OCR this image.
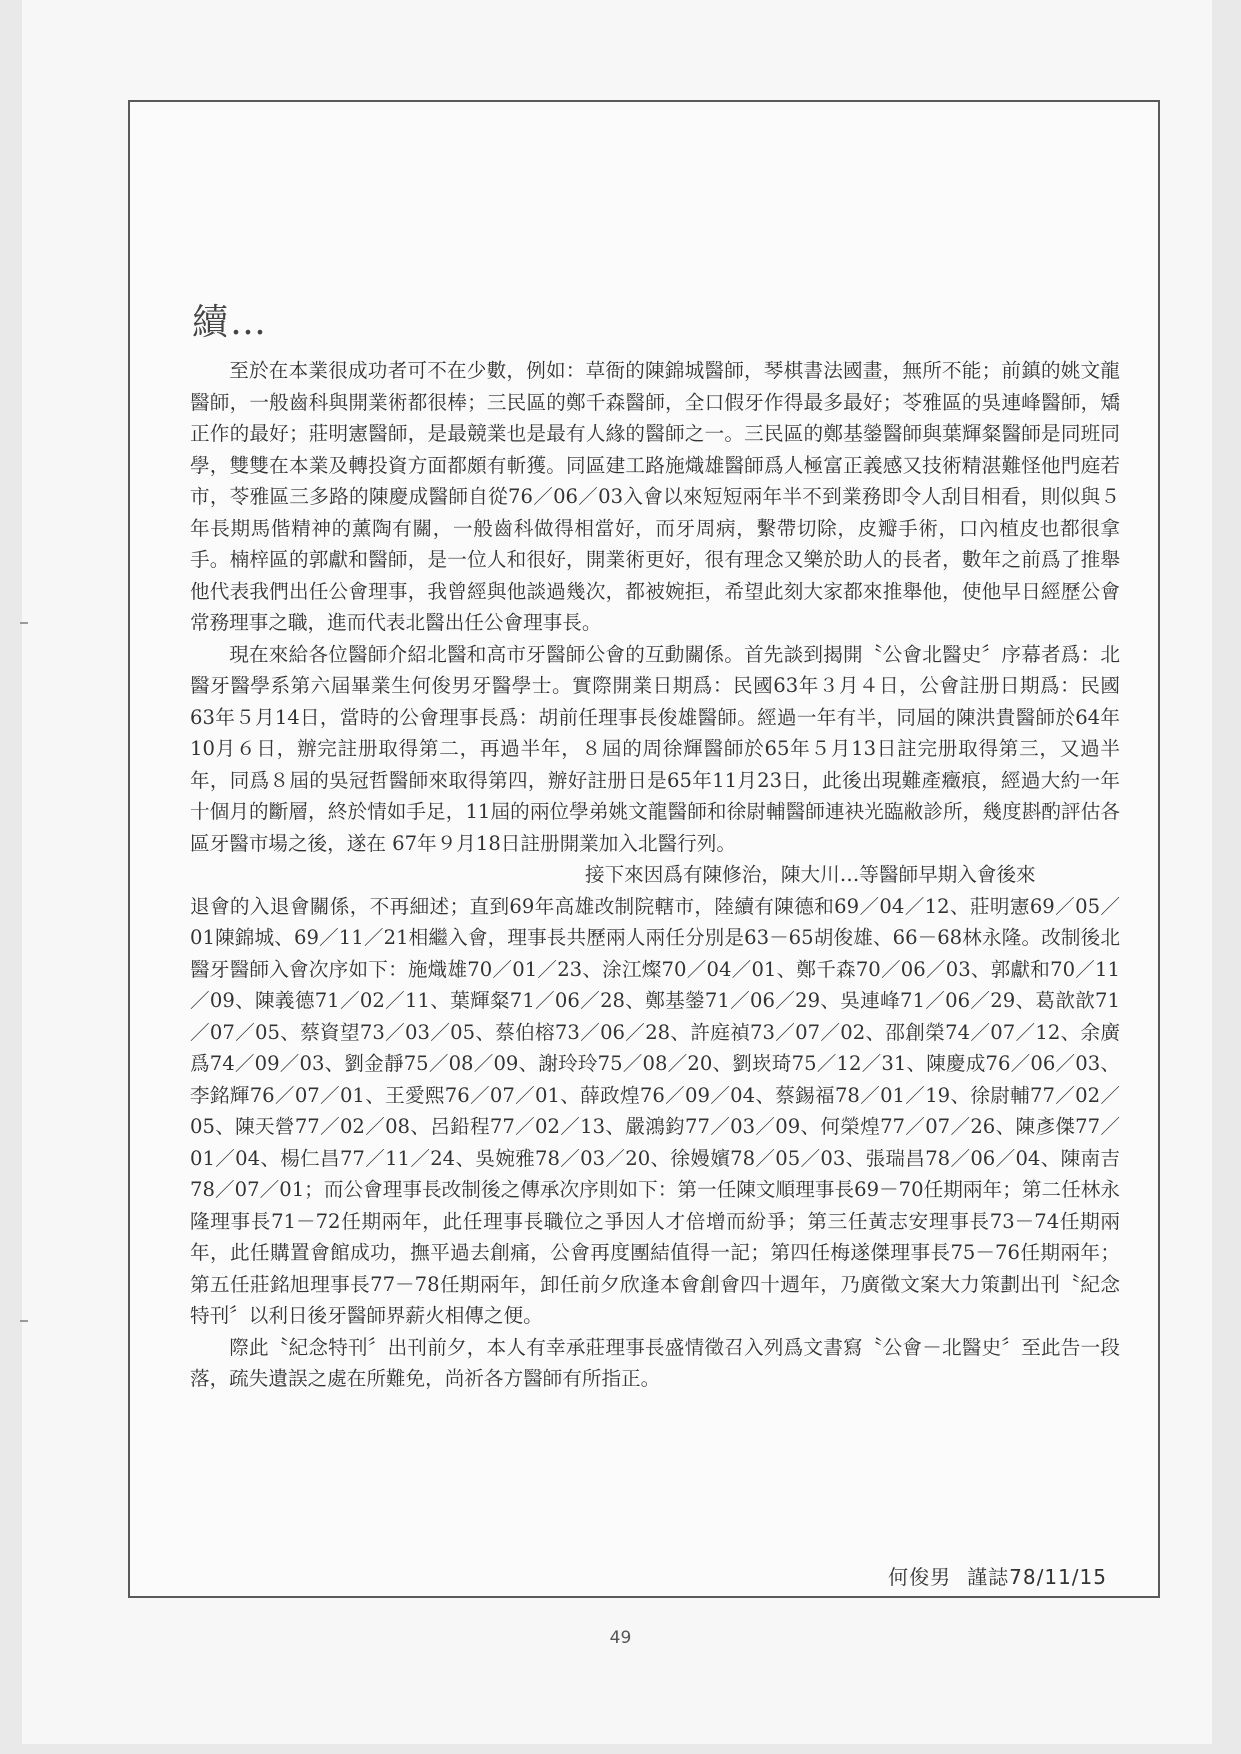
續…

至於在本業很成功者可不在少數，例如：草衙的陳錦城醫師，琴棋書法國畫，無所不能；前鎮的姚文龍醫師，一般齒科與開業術都很棒；三民區的鄭千森醫師，全口假牙作得最多最好；苓雅區的吳連峰醫師，矯正作的最好；莊明憲醫師，是最競業也是最有人緣的醫師之一。三民區的鄭基鎣醫師與葉輝粲醫師是同班同學，雙雙在本業及轉投資方面都頗有斬獲。同區建工路施熾雄醫師爲人極富正義感又技術精湛難怪他門庭若市，苓雅區三多路的陳慶成醫師自從76／06／03入會以來短短兩年半不到業務即令人刮目相看，則似與５年長期馬偕精神的薰陶有關，一般齒科做得相當好，而牙周病，繫帶切除，皮瓣手術，口內植皮也都很拿手。楠梓區的郭獻和醫師，是一位人和很好，開業術更好，很有理念又樂於助人的長者，數年之前爲了推舉他代表我們出任公會理事，我曾經與他談過幾次，都被婉拒，希望此刻大家都來推舉他，使他早日經歷公會常務理事之職，進而代表北醫出任公會理事長。

現在來給各位醫師介紹北醫和高市牙醫師公會的互動關係。首先談到揭開〝公會北醫史〞序幕者爲：北醫牙醫學系第六屆畢業生何俊男牙醫學士。實際開業日期爲：民國63年３月４日，公會註册日期爲：民國63年５月14日，當時的公會理事長爲：胡前任理事長俊雄醫師。經過一年有半，同屆的陳洪貴醫師於64年10月６日，辦完註册取得第二，再過半年，８屆的周徐輝醫師於65年５月13日註完册取得第三，又過半年，同爲８屆的吳冠哲醫師來取得第四，辦好註册日是65年11月23日，此後出現難產癥痕，經過大約一年十個月的斷層，終於情如手足，11屆的兩位學弟姚文龍醫師和徐尉輔醫師連袂光臨敝診所，幾度斟酌評估各區牙醫市場之後，遂在 67年９月18日註册開業加入北醫行列。

接下來因爲有陳修治，陳大川…等醫師早期入會後來

退會的入退會關係，不再細述；直到69年高雄改制院轄市，陸續有陳德和69／04／12、莊明憲69／05／01陳錦城、69／11／21相繼入會，理事長共歷兩人兩任分別是63－65胡俊雄、66－68林永隆。改制後北醫牙醫師入會次序如下：施熾雄70／01／23、涂江燦70／04／01、鄭千森70／06／03、郭獻和70／11／09、陳義德71／02／11、葉輝粲71／06／28、鄭基鎣71／06／29、吳連峰71／06／29、葛歆歆71／07／05、蔡資望73／03／05、蔡伯榕73／06／28、許庭禎73／07／02、邵創榮74／07／12、余廣爲74／09／03、劉金靜75／08／09、謝玲玲75／08／20、劉崁琦75／12／31、陳慶成76／06／03、李銘輝76／07／01、王愛熙76／07／01、薛政煌76／09／04、蔡錫福78／01／19、徐尉輔77／02／05、陳天營77／02／08、呂鉛程77／02／13、嚴鴻鈞77／03／09、何榮煌77／07／26、陳彥傑77／01／04、楊仁昌77／11／24、吳婉雅78／03／20、徐嫚嬪78／05／03、張瑞昌78／06／04、陳南吉78／07／01；而公會理事長改制後之傳承次序則如下：第一任陳文順理事長69－70任期兩年；第二任林永隆理事長71－72任期兩年，此任理事長職位之爭因人才倍增而紛爭；第三任黃志安理事長73－74任期兩年，此任購置會館成功，撫平過去創痛，公會再度團結值得一記；第四任梅遂傑理事長75－76任期兩年；第五任莊銘旭理事長77－78任期兩年，卸任前夕欣逢本會創會四十週年，乃廣徵文案大力策劃出刊〝紀念特刊〞以利日後牙醫師界薪火相傳之便。

際此〝紀念特刊〞出刊前夕，本人有幸承莊理事長盛情徵召入列爲文書寫〝公會－北醫史〞至此告一段落，疏失遺誤之處在所難免，尚祈各方醫師有所指正。

何俊男 謹誌78/11/15
49
